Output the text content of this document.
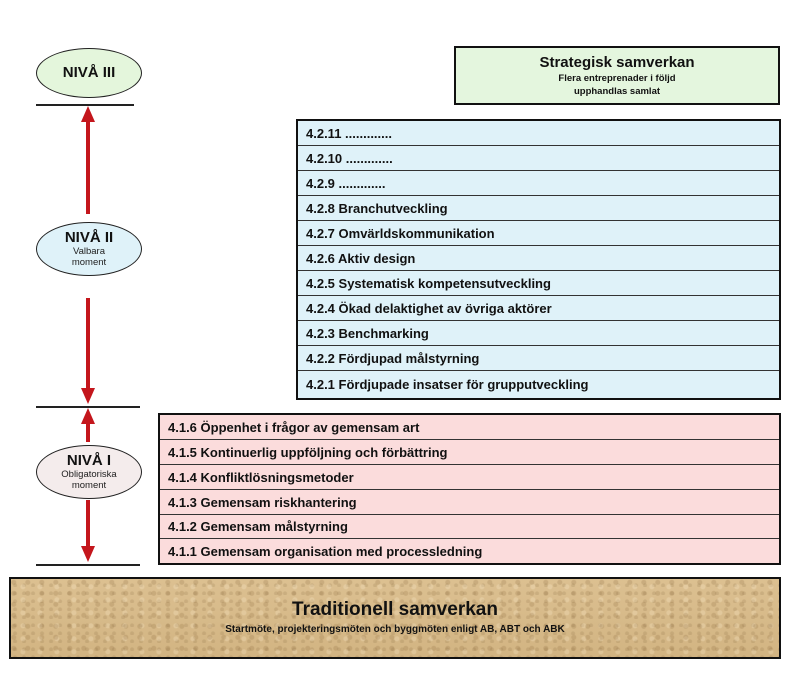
NIVÅ III
NIVÅ II
Valbara
moment
NIVÅ I
Obligatoriska
moment
Strategisk samverkan
Flera entreprenader i följd
upphandlas samlat
4.2.11 .............
4.2.10 .............
4.2.9 .............
4.2.8 Branchutveckling
4.2.7 Omvärldskommunikation
4.2.6 Aktiv design
4.2.5 Systematisk kompetensutveckling
4.2.4 Ökad delaktighet av övriga aktörer
4.2.3 Benchmarking
4.2.2 Fördjupad målstyrning
4.2.1 Fördjupade insatser för grupputveckling
4.1.6 Öppenhet i frågor av gemensam art
4.1.5 Kontinuerlig uppföljning och förbättring
4.1.4 Konfliktlösningsmetoder
4.1.3 Gemensam riskhantering
4.1.2 Gemensam målstyrning
4.1.1 Gemensam organisation med processledning
Traditionell samverkan
Startmöte, projekteringsmöten och byggmöten enligt AB, ABT och ABK
